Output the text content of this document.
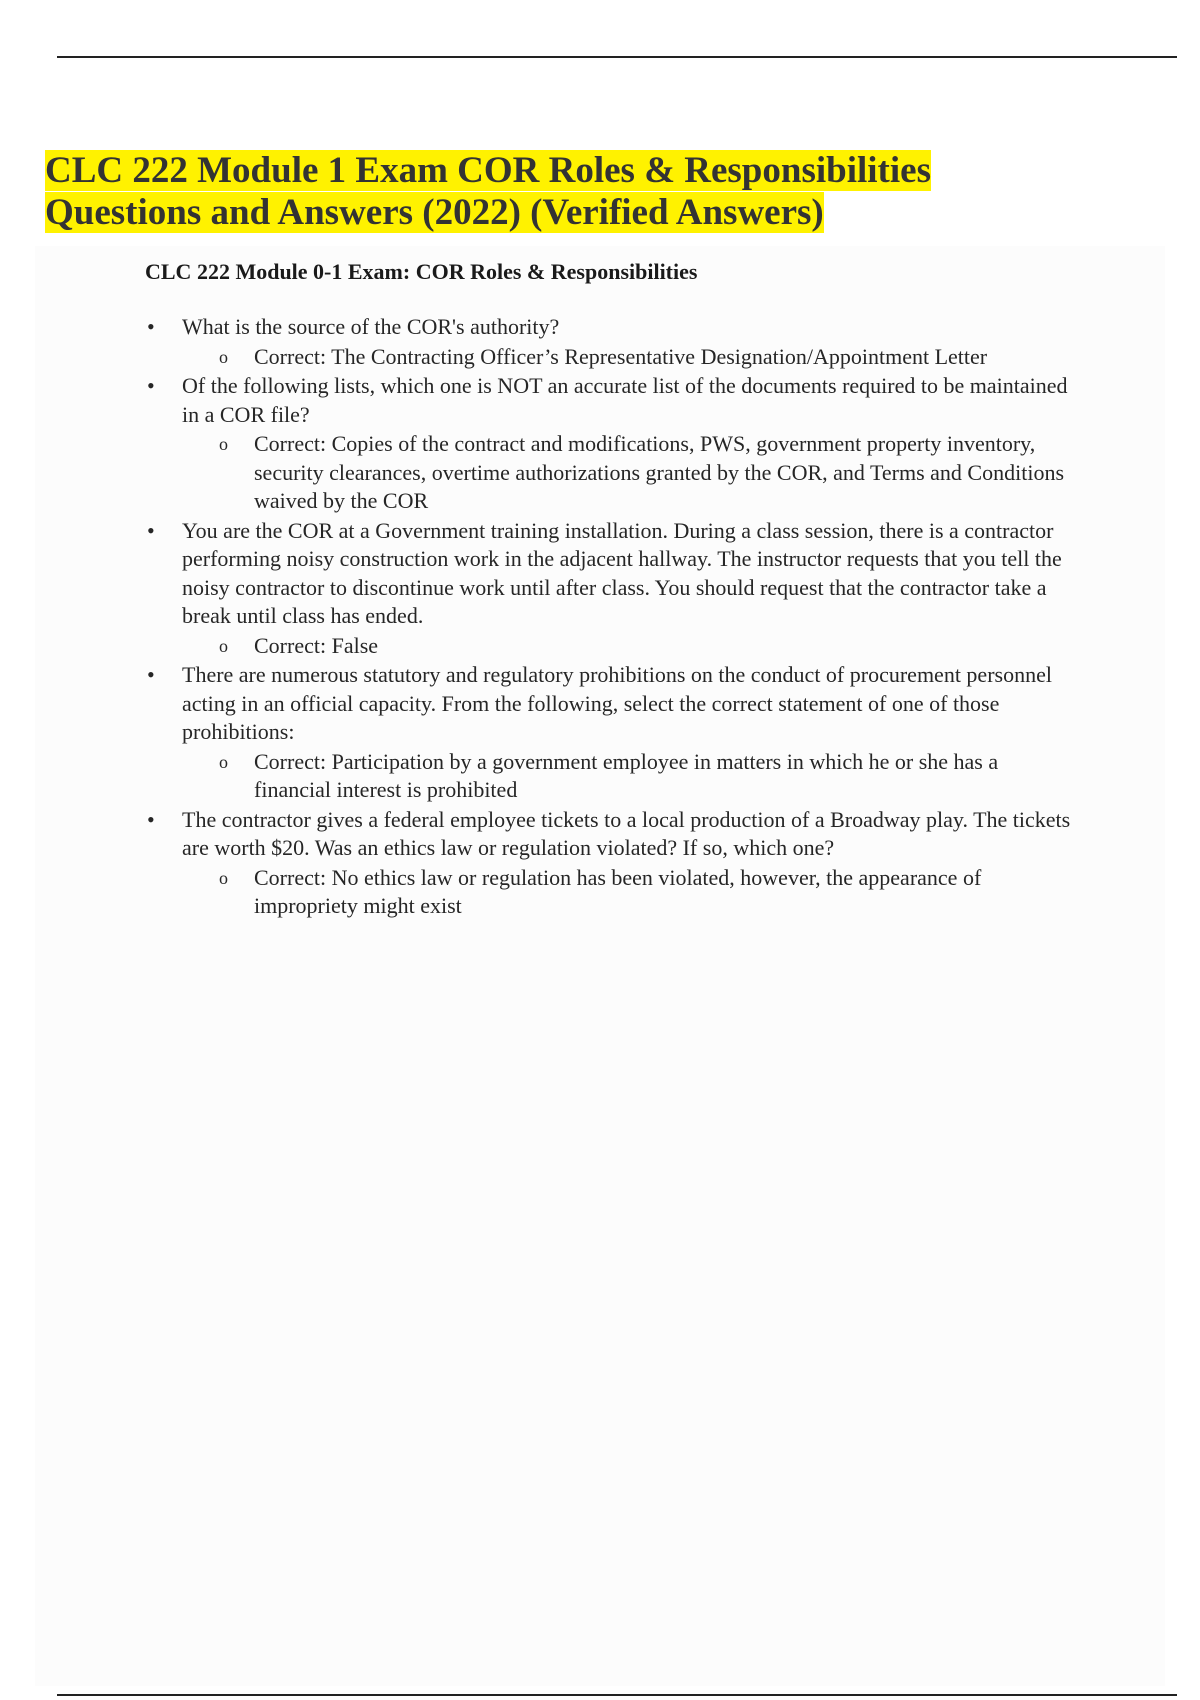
CLC 222 Module 1 Exam COR Roles & Responsibilities
Questions and Answers (2022) (Verified Answers)
CLC 222 Module 0-1 Exam: COR Roles & Responsibilities
• What is the source of the COR's authority?
o Correct: The Contracting Officer’s Representative Designation/Appointment Letter
• Of the following lists, which one is NOT an accurate list of the documents required to be maintained in a COR file?
o Correct: Copies of the contract and modifications, PWS, government property inventory, security clearances, overtime authorizations granted by the COR, and Terms and Conditions waived by the COR
• You are the COR at a Government training installation. During a class session, there is a contractor performing noisy construction work in the adjacent hallway. The instructor requests that you tell the noisy contractor to discontinue work until after class. You should request that the contractor take a break until class has ended.
o Correct: False
• There are numerous statutory and regulatory prohibitions on the conduct of procurement personnel acting in an official capacity. From the following, select the correct statement of one of those prohibitions:
o Correct: Participation by a government employee in matters in which he or she has a financial interest is prohibited
• The contractor gives a federal employee tickets to a local production of a Broadway play. The tickets are worth $20. Was an ethics law or regulation violated? If so, which one?
o Correct: No ethics law or regulation has been violated, however, the appearance of impropriety might exist
